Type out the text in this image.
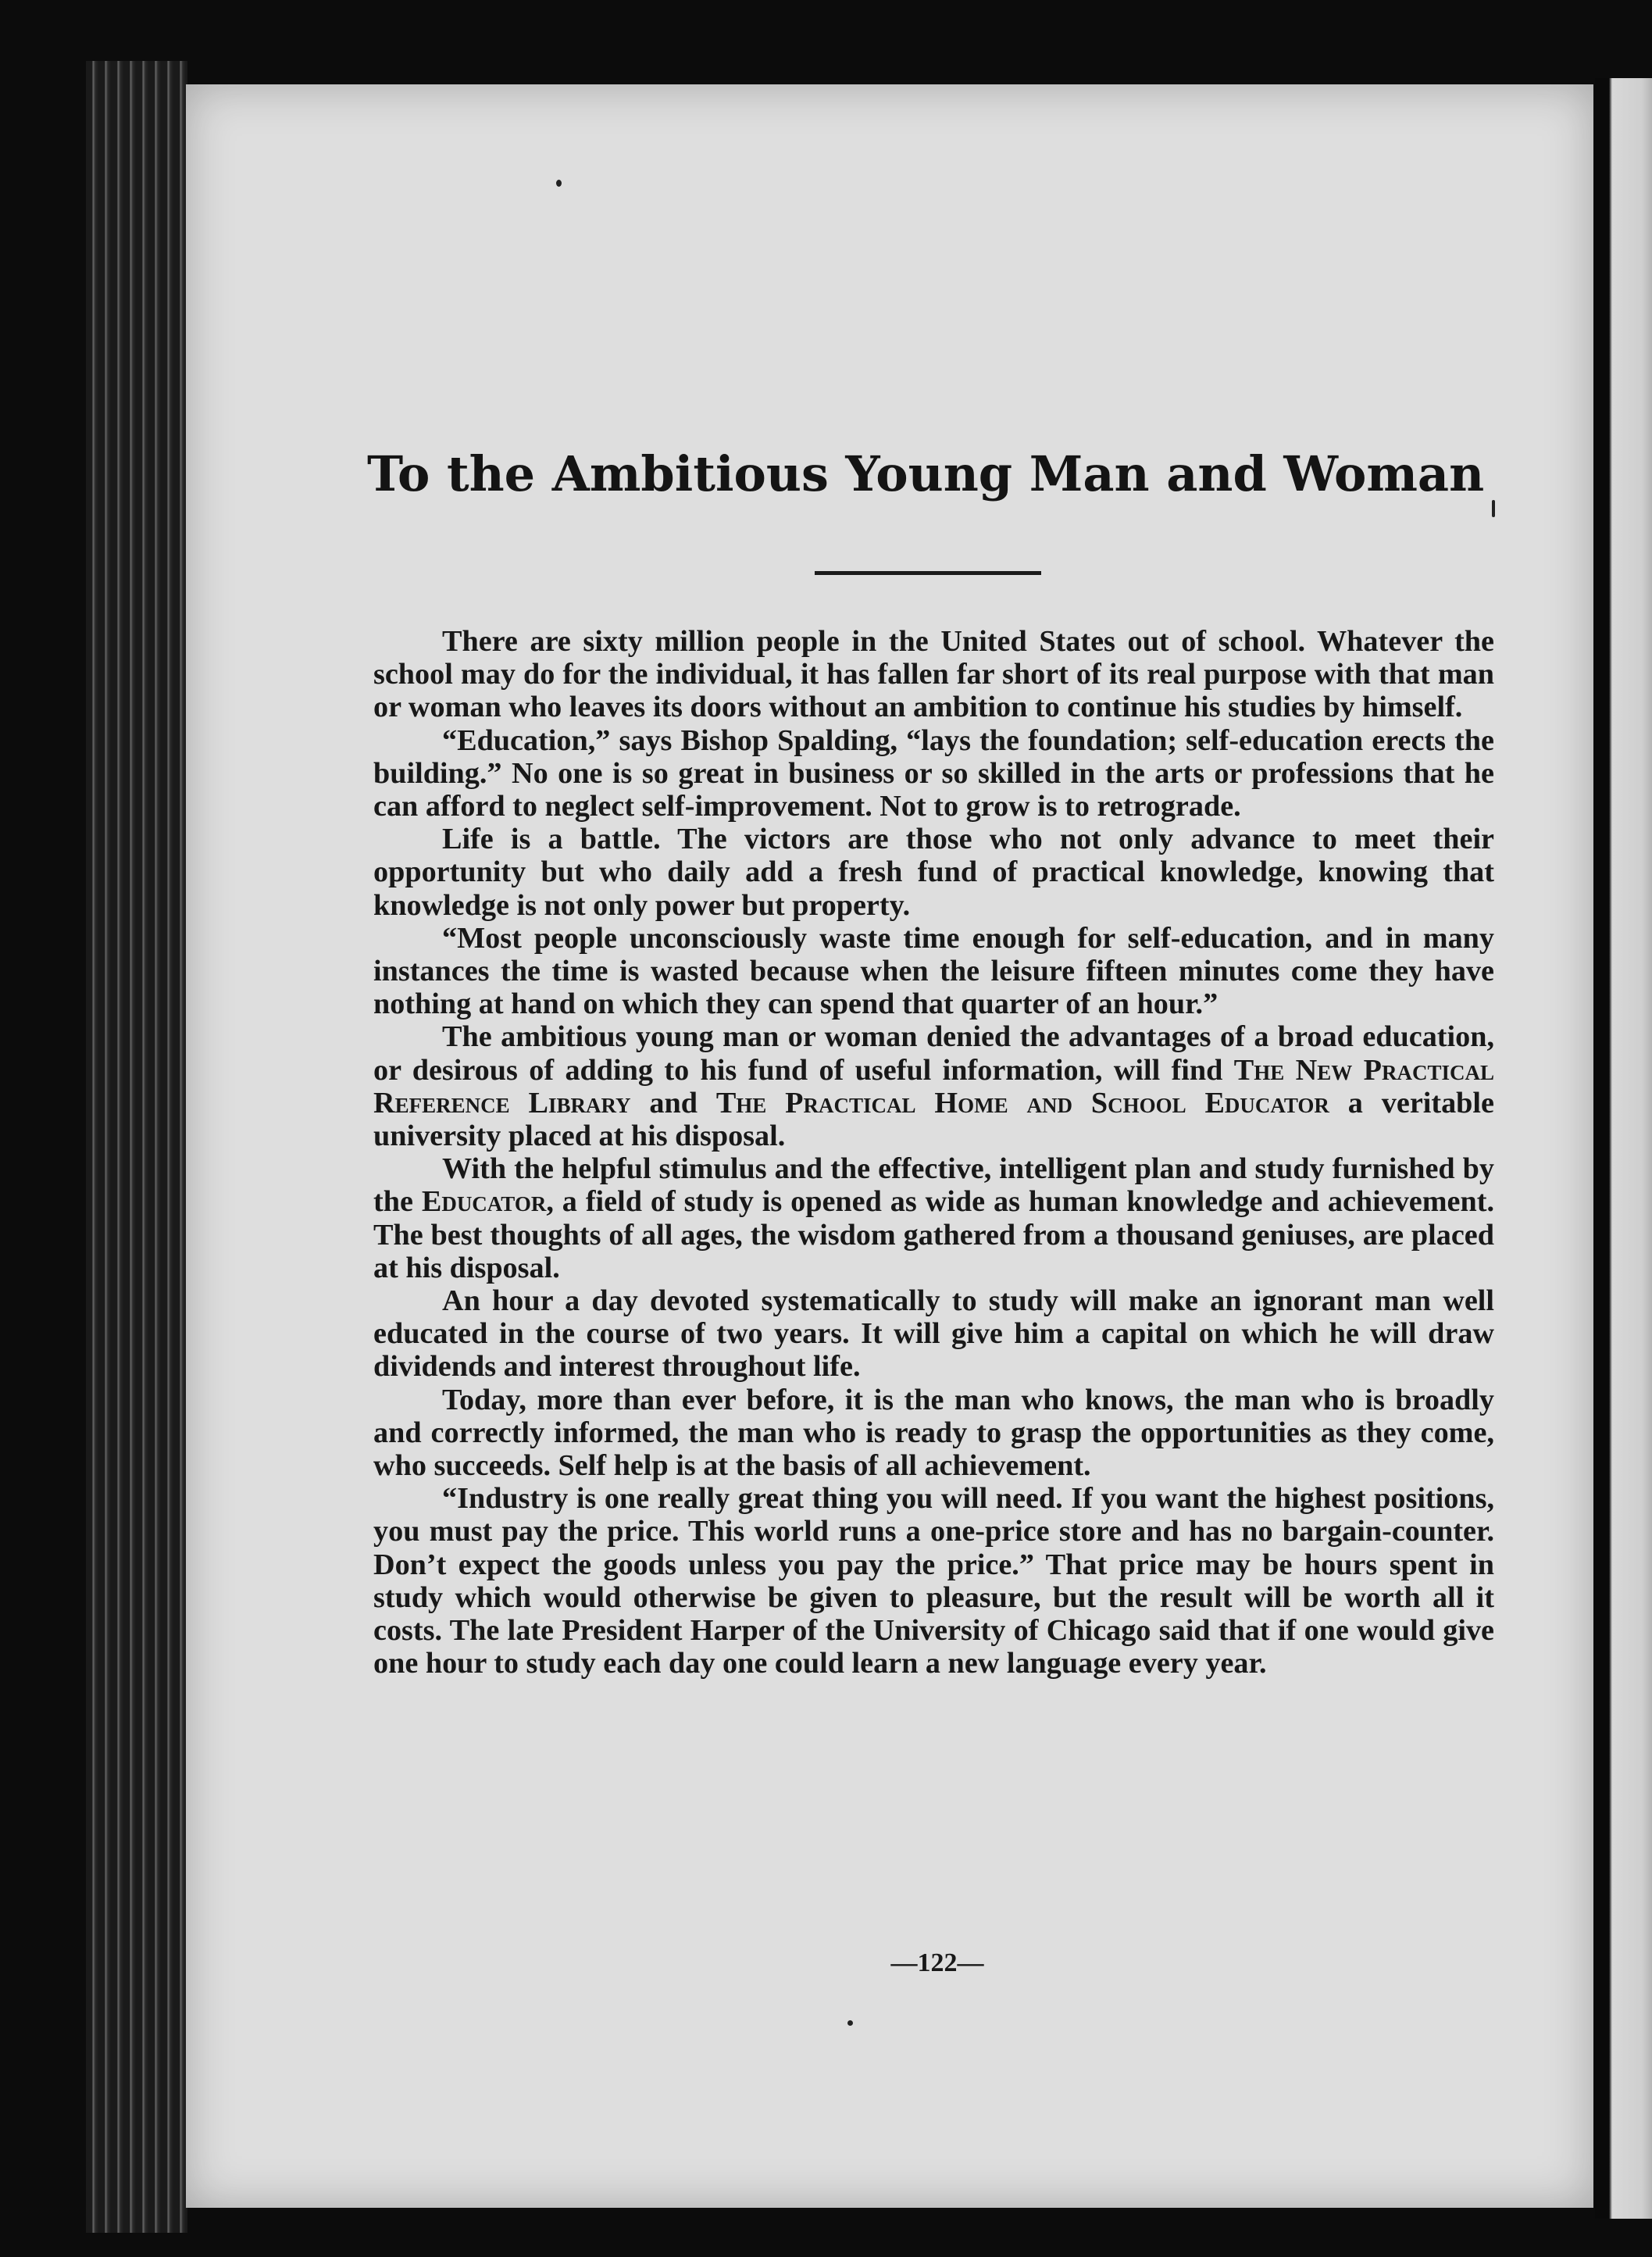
To the Ambitious Young Man and Woman

There are sixty million people in the United States out of school. Whatever the school may do for the individual, it has fallen far short of its real purpose with that man or woman who leaves its doors without an ambition to continue his studies by himself.

“Education,” says Bishop Spalding, “lays the foundation; self-education erects the building.” No one is so great in business or so skilled in the arts or professions that he can afford to neglect self-improvement. Not to grow is to retrograde.

Life is a battle. The victors are those who not only advance to meet their opportunity but who daily add a fresh fund of practical knowledge, knowing that knowledge is not only power but property.

“Most people unconsciously waste time enough for self-education, and in many instances the time is wasted because when the leisure fifteen minutes come they have nothing at hand on which they can spend that quarter of an hour.”

The ambitious young man or woman denied the advantages of a broad education, or desirous of adding to his fund of useful information, will find The New Practical Reference Library and The Practical Home and School Educator a veritable university placed at his disposal.

With the helpful stimulus and the effective, intelligent plan and study furnished by the Educator, a field of study is opened as wide as human knowledge and achievement. The best thoughts of all ages, the wisdom gathered from a thousand geniuses, are placed at his disposal.

An hour a day devoted systematically to study will make an ignorant man well educated in the course of two years. It will give him a capital on which he will draw dividends and interest throughout life.

Today, more than ever before, it is the man who knows, the man who is broadly and correctly informed, the man who is ready to grasp the opportunities as they come, who succeeds. Self help is at the basis of all achievement.

“Industry is one really great thing you will need. If you want the highest positions, you must pay the price. This world runs a one-price store and has no bargain-counter. Don’t expect the goods unless you pay the price.” That price may be hours spent in study which would otherwise be given to pleasure, but the result will be worth all it costs. The late President Harper of the University of Chicago said that if one would give one hour to study each day one could learn a new language every year.

—122—
